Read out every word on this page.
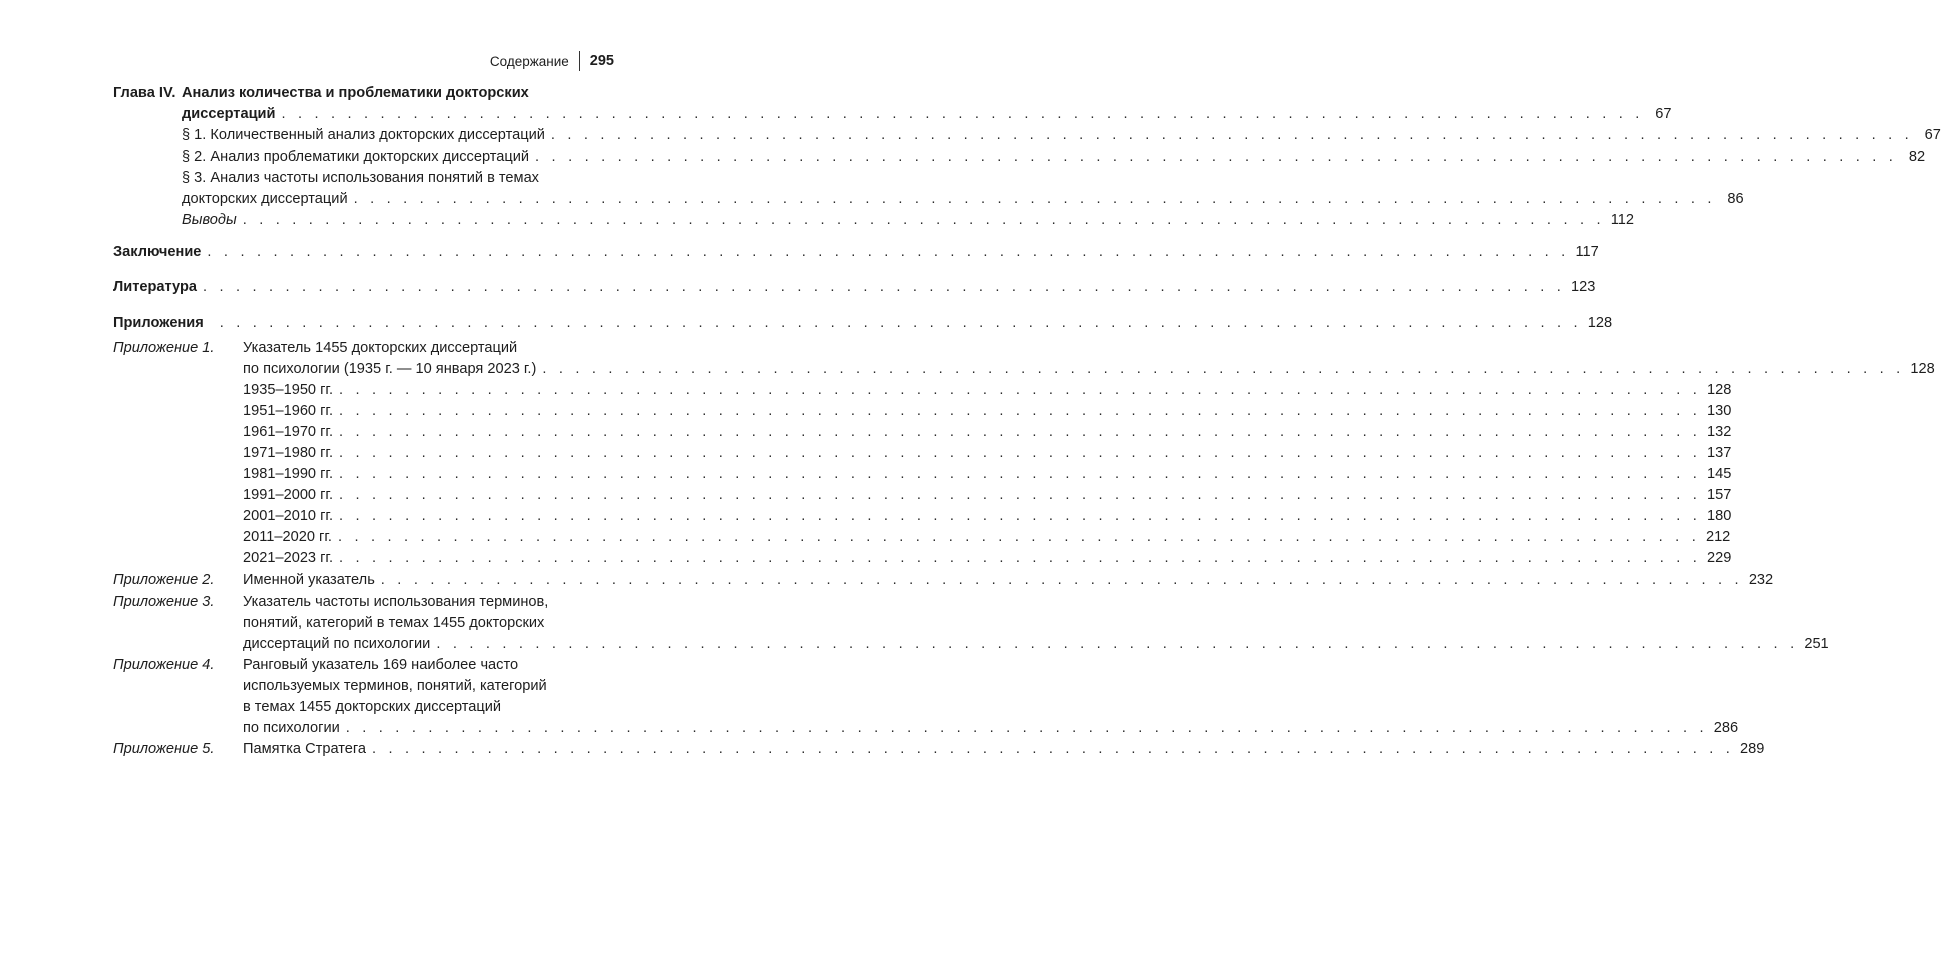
Содержание 295
Глава IV. Анализ количества и проблематики докторских
диссертаций . . . . . . . . . . . . . . . . . . . . . . . . . . . . . . . . . . . . . . . . . . . . . . . . . . . . . . . . . . . . . . . . . . . . . . . . . . . . . . . . . . . 67
§ 1. Количественный анализ докторских диссертаций . . . . . . . . . . . . . . . . . . . . . . . . . . . . . . . . . . . . . . . . . . . . . . . . . . . . . . . . . . . . . . . . . . . . . . . . . . . . . . . . . . . 67
§ 2. Анализ проблематики докторских диссертаций . . . . . . . . . . . . . . . . . . . . . . . . . . . . . . . . . . . . . . . . . . . . . . . . . . . . . . . . . . . . . . . . . . . . . . . . . . . . . . . . . . . 82
§ 3. Анализ частоты использования понятий в темах
докторских диссертаций . . . . . . . . . . . . . . . . . . . . . . . . . . . . . . . . . . . . . . . . . . . . . . . . . . . . . . . . . . . . . . . . . . . . . . . . . . . . . . . . . . . 86
Выводы . . . . . . . . . . . . . . . . . . . . . . . . . . . . . . . . . . . . . . . . . . . . . . . . . . . . . . . . . . . . . . . . . . . . . . . . . . . . . . . . . . . 112
Заключение . . . . . . . . . . . . . . . . . . . . . . . . . . . . . . . . . . . . . . . . . . . . . . . . . . . . . . . . . . . . . . . . . . . . . . . . . . . . . . . . . . . 117
Литература . . . . . . . . . . . . . . . . . . . . . . . . . . . . . . . . . . . . . . . . . . . . . . . . . . . . . . . . . . . . . . . . . . . . . . . . . . . . . . . . . . . 123
Приложения . . . . . . . . . . . . . . . . . . . . . . . . . . . . . . . . . . . . . . . . . . . . . . . . . . . . . . . . . . . . . . . . . . . . . . . . . . . . . . . . . . . 128
Приложение 1. Указатель 1455 докторских диссертаций
по психологии (1935 г. — 10 января 2023 г.) . . . . . . . . . . . . . . . . . . . . . . . . . . . . . . . . . . . . . . . . . . . . . . . . . . . . . . . . . . . . . . . . . . . . . . . . . . . . . . . . . . . 128
1935–1950 гг. . . . . . . . . . . . . . . . . . . . . . . . . . . . . . . . . . . . . . . . . . . . . . . . . . . . . . . . . . . . . . . . . . . . . . . . . . . . . . . . . . . . 128
1951–1960 гг. . . . . . . . . . . . . . . . . . . . . . . . . . . . . . . . . . . . . . . . . . . . . . . . . . . . . . . . . . . . . . . . . . . . . . . . . . . . . . . . . . . . 130
1961–1970 гг. . . . . . . . . . . . . . . . . . . . . . . . . . . . . . . . . . . . . . . . . . . . . . . . . . . . . . . . . . . . . . . . . . . . . . . . . . . . . . . . . . . . 132
1971–1980 гг. . . . . . . . . . . . . . . . . . . . . . . . . . . . . . . . . . . . . . . . . . . . . . . . . . . . . . . . . . . . . . . . . . . . . . . . . . . . . . . . . . . . 137
1981–1990 гг. . . . . . . . . . . . . . . . . . . . . . . . . . . . . . . . . . . . . . . . . . . . . . . . . . . . . . . . . . . . . . . . . . . . . . . . . . . . . . . . . . . . 145
1991–2000 гг. . . . . . . . . . . . . . . . . . . . . . . . . . . . . . . . . . . . . . . . . . . . . . . . . . . . . . . . . . . . . . . . . . . . . . . . . . . . . . . . . . . . 157
2001–2010 гг. . . . . . . . . . . . . . . . . . . . . . . . . . . . . . . . . . . . . . . . . . . . . . . . . . . . . . . . . . . . . . . . . . . . . . . . . . . . . . . . . . . . 180
2011–2020 гг. . . . . . . . . . . . . . . . . . . . . . . . . . . . . . . . . . . . . . . . . . . . . . . . . . . . . . . . . . . . . . . . . . . . . . . . . . . . . . . . . . . . 212
2021–2023 гг. . . . . . . . . . . . . . . . . . . . . . . . . . . . . . . . . . . . . . . . . . . . . . . . . . . . . . . . . . . . . . . . . . . . . . . . . . . . . . . . . . . . 229
Приложение 2. Именной указатель . . . . . . . . . . . . . . . . . . . . . . . . . . . . . . . . . . . . . . . . . . . . . . . . . . . . . . . . . . . . . . . . . . . . . . . . . . . . . . . . . . . 232
Приложение 3. Указатель частоты использования терминов,
понятий, категорий в темах 1455 докторских
диссертаций по психологии . . . . . . . . . . . . . . . . . . . . . . . . . . . . . . . . . . . . . . . . . . . . . . . . . . . . . . . . . . . . . . . . . . . . . . . . . . . . . . . . . . . 251
Приложение 4. Ранговый указатель 169 наиболее часто
используемых терминов, понятий, категорий
в темах 1455 докторских диссертаций
по психологии . . . . . . . . . . . . . . . . . . . . . . . . . . . . . . . . . . . . . . . . . . . . . . . . . . . . . . . . . . . . . . . . . . . . . . . . . . . . . . . . . . . 286
Приложение 5. Памятка Стратега . . . . . . . . . . . . . . . . . . . . . . . . . . . . . . . . . . . . . . . . . . . . . . . . . . . . . . . . . . . . . . . . . . . . . . . . . . . . . . . . . . . 289
